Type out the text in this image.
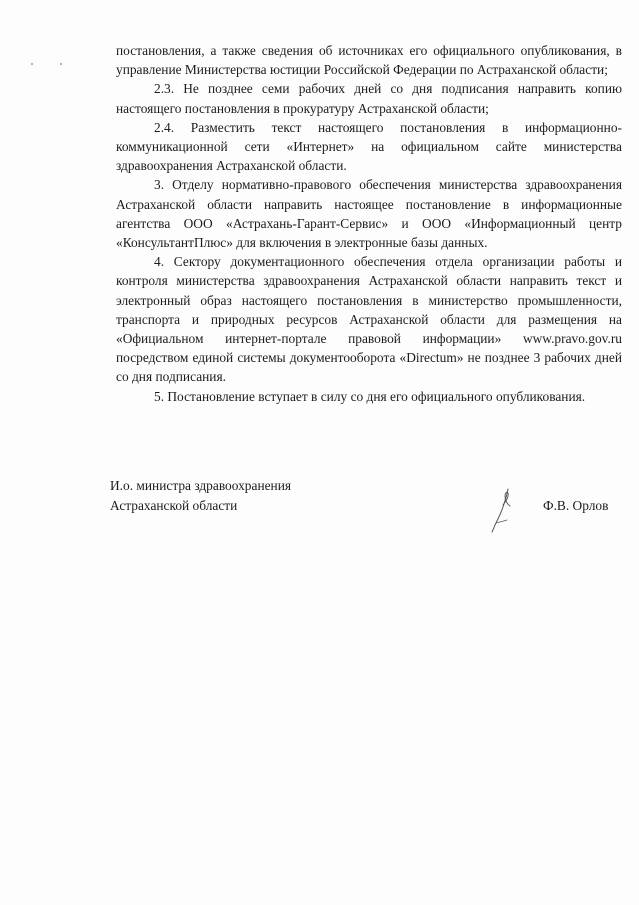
постановления, а также сведения об источниках его официального опубликования, в управление Министерства юстиции Российской Федерации по Астраханской области;

2.3. Не позднее семи рабочих дней со дня подписания направить копию настоящего постановления в прокуратуру Астраханской области;

2.4. Разместить текст настоящего постановления в информационно-коммуникационной сети «Интернет» на официальном сайте министерства здравоохранения Астраханской области.

3. Отделу нормативно-правового обеспечения министерства здравоохранения Астраханской области направить настоящее постановление в информационные агентства ООО «Астрахань-Гарант-Сервис» и ООО «Информационный центр «КонсультантПлюс» для включения в электронные базы данных.

4. Сектору документационного обеспечения отдела организации работы и контроля министерства здравоохранения Астраханской области направить текст и электронный образ настоящего постановления в министерство промышленности, транспорта и природных ресурсов Астраханской области для размещения на «Официальном интернет-портале правовой информации» www.pravo.gov.ru посредством единой системы документооборота «Directum» не позднее 3 рабочих дней со дня подписания.

5. Постановление вступает в силу со дня его официального опубликования.

И.о. министра здравоохранения
Астраханской области	Ф.В. Орлов
